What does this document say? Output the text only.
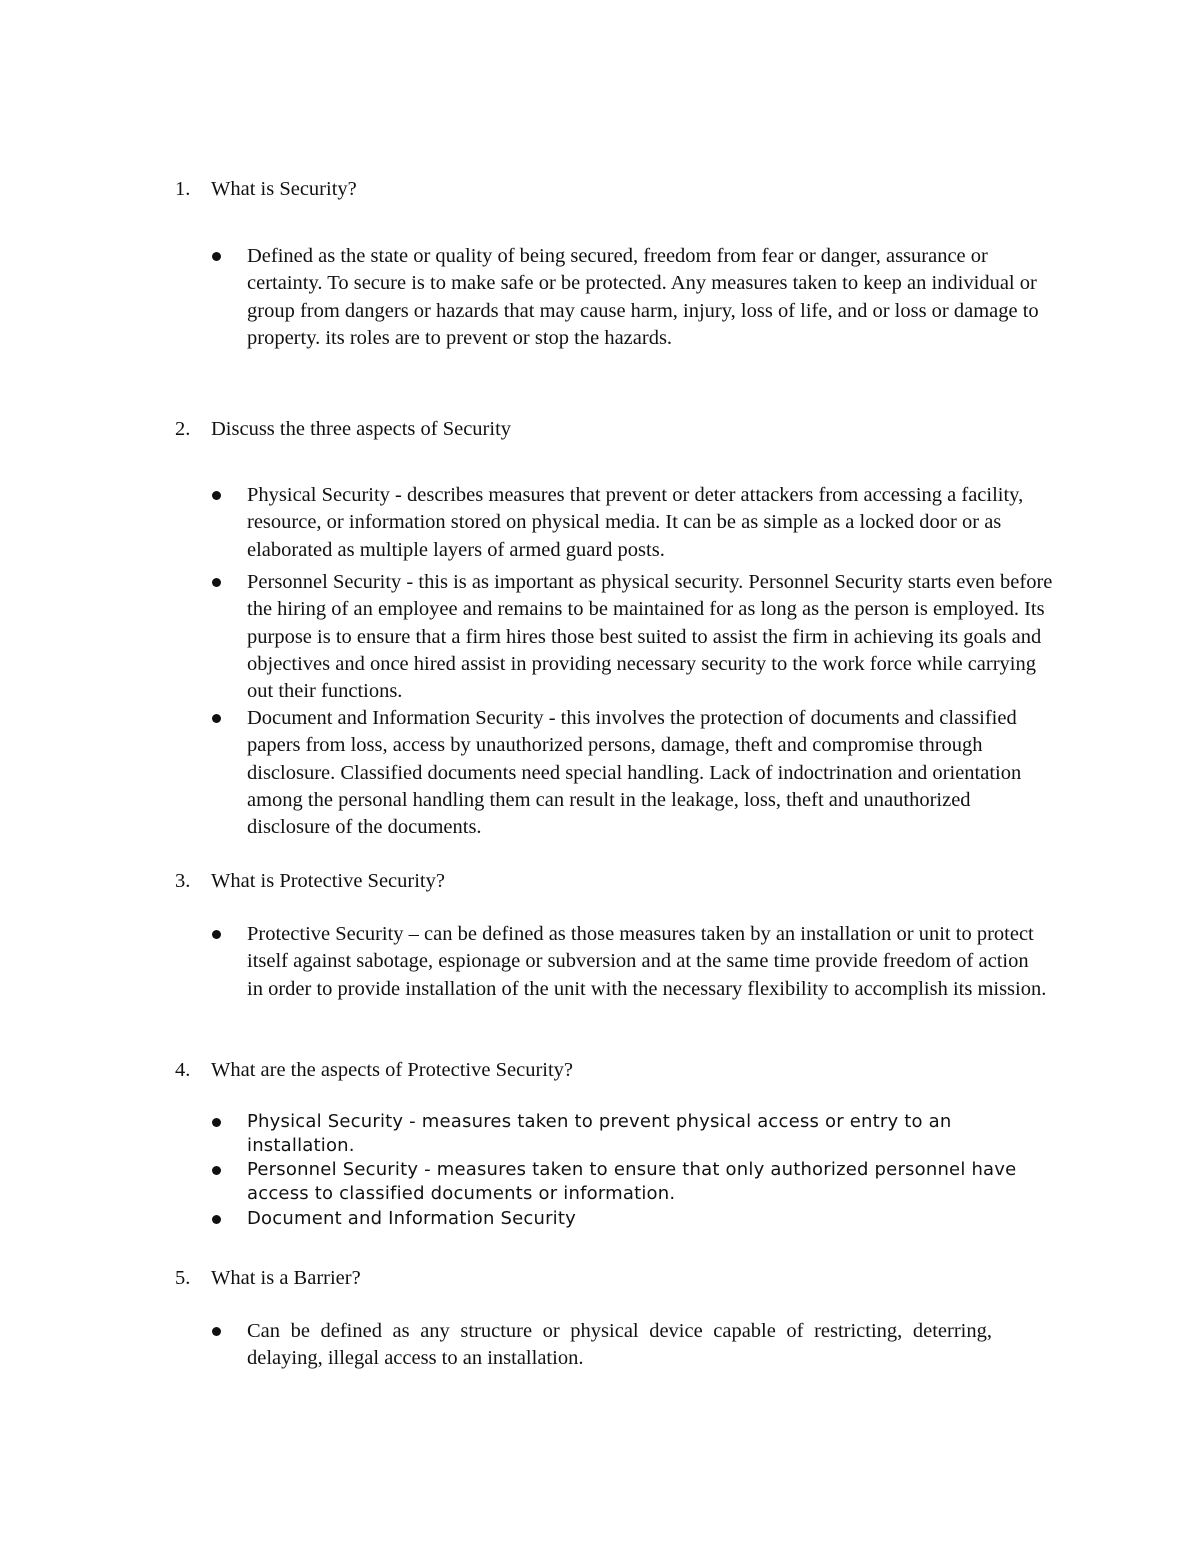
1.	What is Security?
Defined as the state or quality of being secured, freedom from fear or danger, assurance or certainty. To secure is to make safe or be protected. Any measures taken to keep an individual or group from dangers or hazards that may cause harm, injury, loss of life, and or loss or damage to property. its roles are to prevent or stop the hazards.
2.	Discuss the three aspects of Security
Physical Security - describes measures that prevent or deter attackers from accessing a facility, resource, or information stored on physical media. It can be as simple as a locked door or as elaborated as multiple layers of armed guard posts.
Personnel Security - this is as important as physical security. Personnel Security starts even before the hiring of an employee and remains to be maintained for as long as the person is employed. Its purpose is to ensure that a firm hires those best suited to assist the firm in achieving its goals and objectives and once hired assist in providing necessary security to the work force while carrying out their functions.
Document and Information Security - this involves the protection of documents and classified papers from loss, access by unauthorized persons, damage, theft and compromise through disclosure. Classified documents need special handling. Lack of indoctrination and orientation among the personal handling them can result in the leakage, loss, theft and unauthorized disclosure of the documents.
3.	What is Protective Security?
Protective Security – can be defined as those measures taken by an installation or unit to protect itself against sabotage, espionage or subversion and at the same time provide freedom of action in order to provide installation of the unit with the necessary flexibility to accomplish its mission.
4.	What are the aspects of Protective Security?
Physical Security - measures taken to prevent physical access or entry to an installation.
Personnel Security - measures taken to ensure that only authorized personnel have access to classified documents or information.
Document and Information Security
5.	What is a Barrier?
Can be defined as any structure or physical device capable of restricting, deterring, delaying, illegal access to an installation.
